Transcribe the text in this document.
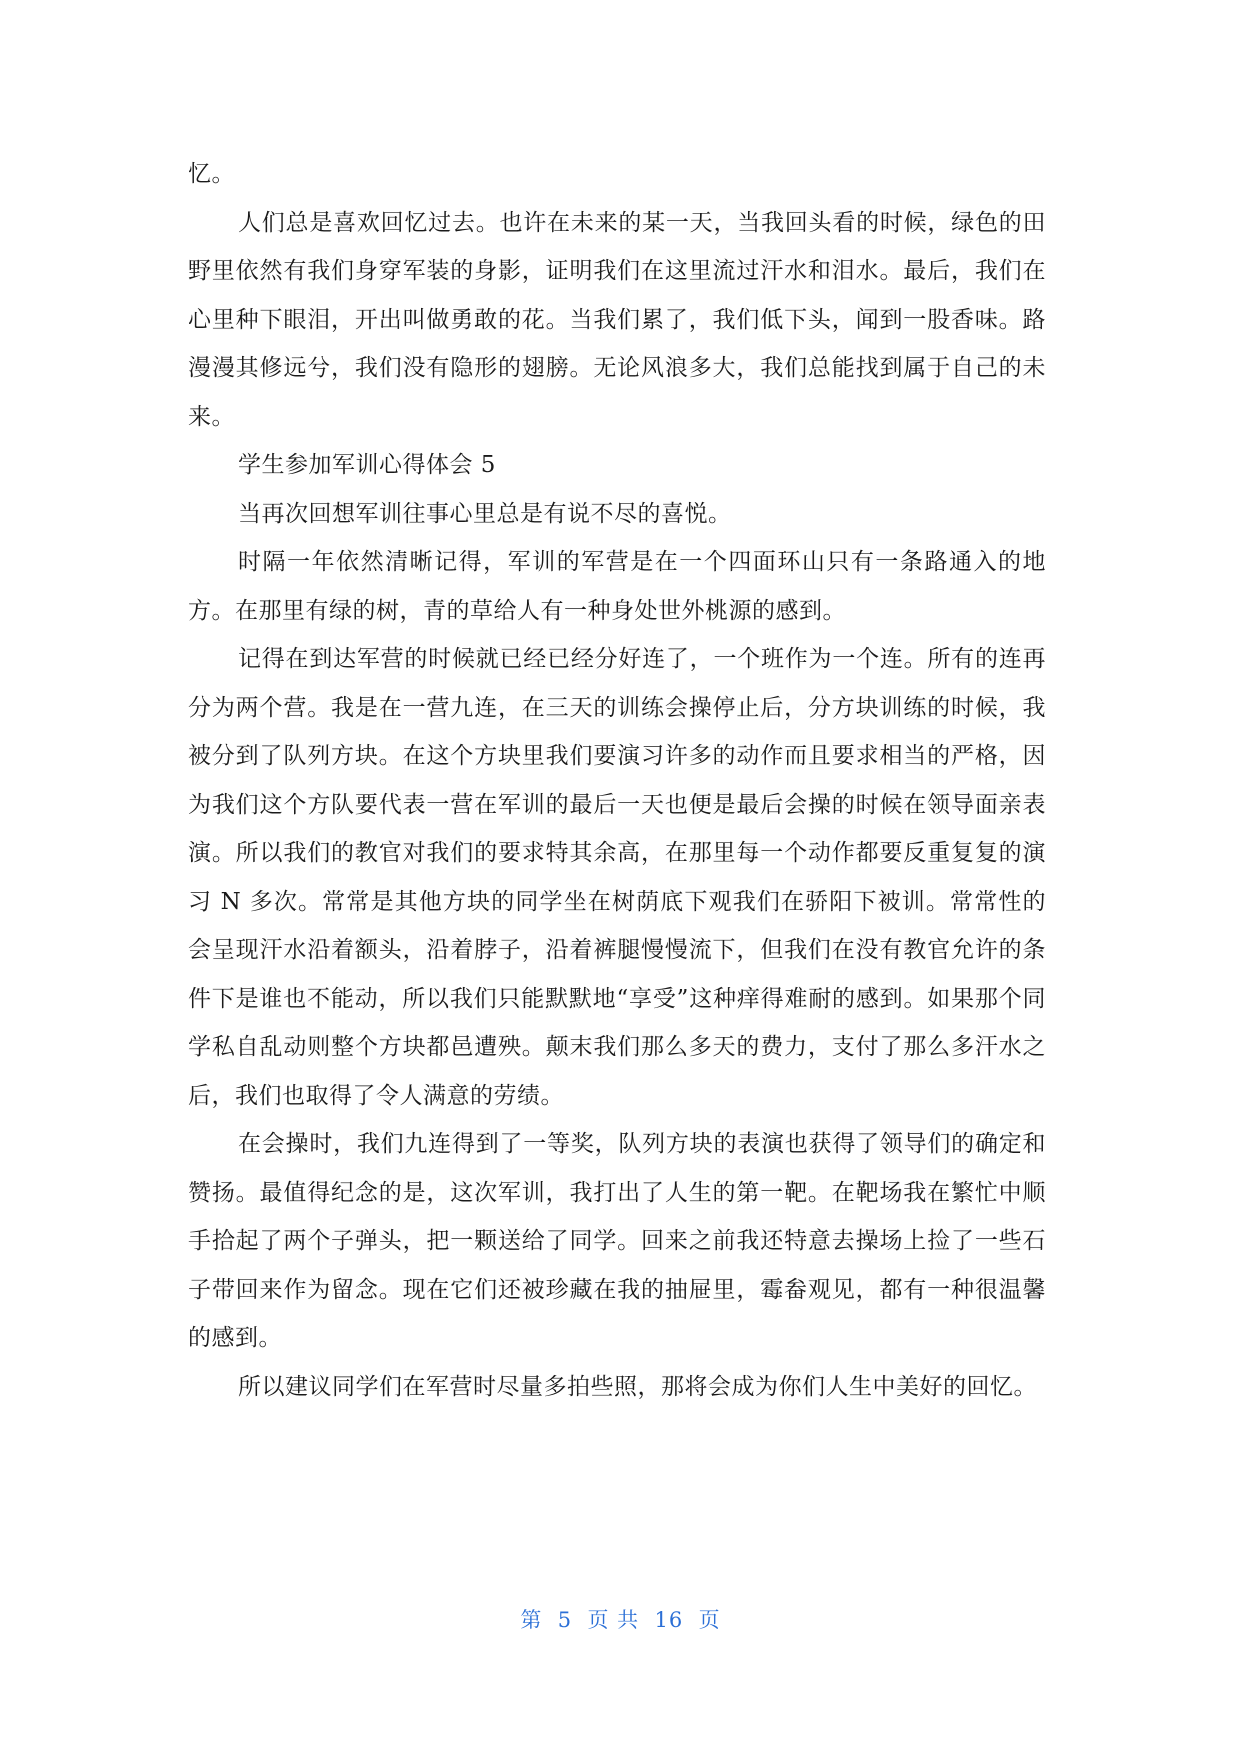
忆。

人们总是喜欢回忆过去。也许在未来的某一天，当我回头看的时候，绿色的田野里依然有我们身穿军装的身影，证明我们在这里流过汗水和泪水。最后，我们在心里种下眼泪，开出叫做勇敢的花。当我们累了，我们低下头，闻到一股香味。路漫漫其修远兮，我们没有隐形的翅膀。无论风浪多大，我们总能找到属于自己的未来。

学生参加军训心得体会 5

当再次回想军训往事心里总是有说不尽的喜悦。

时隔一年依然清晰记得，军训的军营是在一个四面环山只有一条路通入的地方。在那里有绿的树，青的草给人有一种身处世外桃源的感到。

记得在到达军营的时候就已经已经分好连了，一个班作为一个连。所有的连再分为两个营。我是在一营九连，在三天的训练会操停止后，分方块训练的时候，我被分到了队列方块。在这个方块里我们要演习许多的动作而且要求相当的严格，因为我们这个方队要代表一营在军训的最后一天也便是最后会操的时候在领导面亲表演。所以我们的教官对我们的要求特其余高，在那里每一个动作都要反重复复的演习 N 多次。常常是其他方块的同学坐在树荫底下观我们在骄阳下被训。常常性的会呈现汗水沿着额头，沿着脖子，沿着裤腿慢慢流下，但我们在没有教官允许的条件下是谁也不能动，所以我们只能默默地“享受”这种痒得难耐的感到。如果那个同学私自乱动则整个方块都邑遭殃。颠末我们那么多天的费力，支付了那么多汗水之后，我们也取得了令人满意的劳绩。

在会操时，我们九连得到了一等奖，队列方块的表演也获得了领导们的确定和赞扬。最值得纪念的是，这次军训，我打出了人生的第一靶。在靶场我在繁忙中顺手拾起了两个子弹头，把一颗送给了同学。回来之前我还特意去操场上捡了一些石子带回来作为留念。现在它们还被珍藏在我的抽屉里，霉畚观见，都有一种很温馨的感到。

所以建议同学们在军营时尽量多拍些照，那将会成为你们人生中美好的回忆。

第  5  页 共  16  页
